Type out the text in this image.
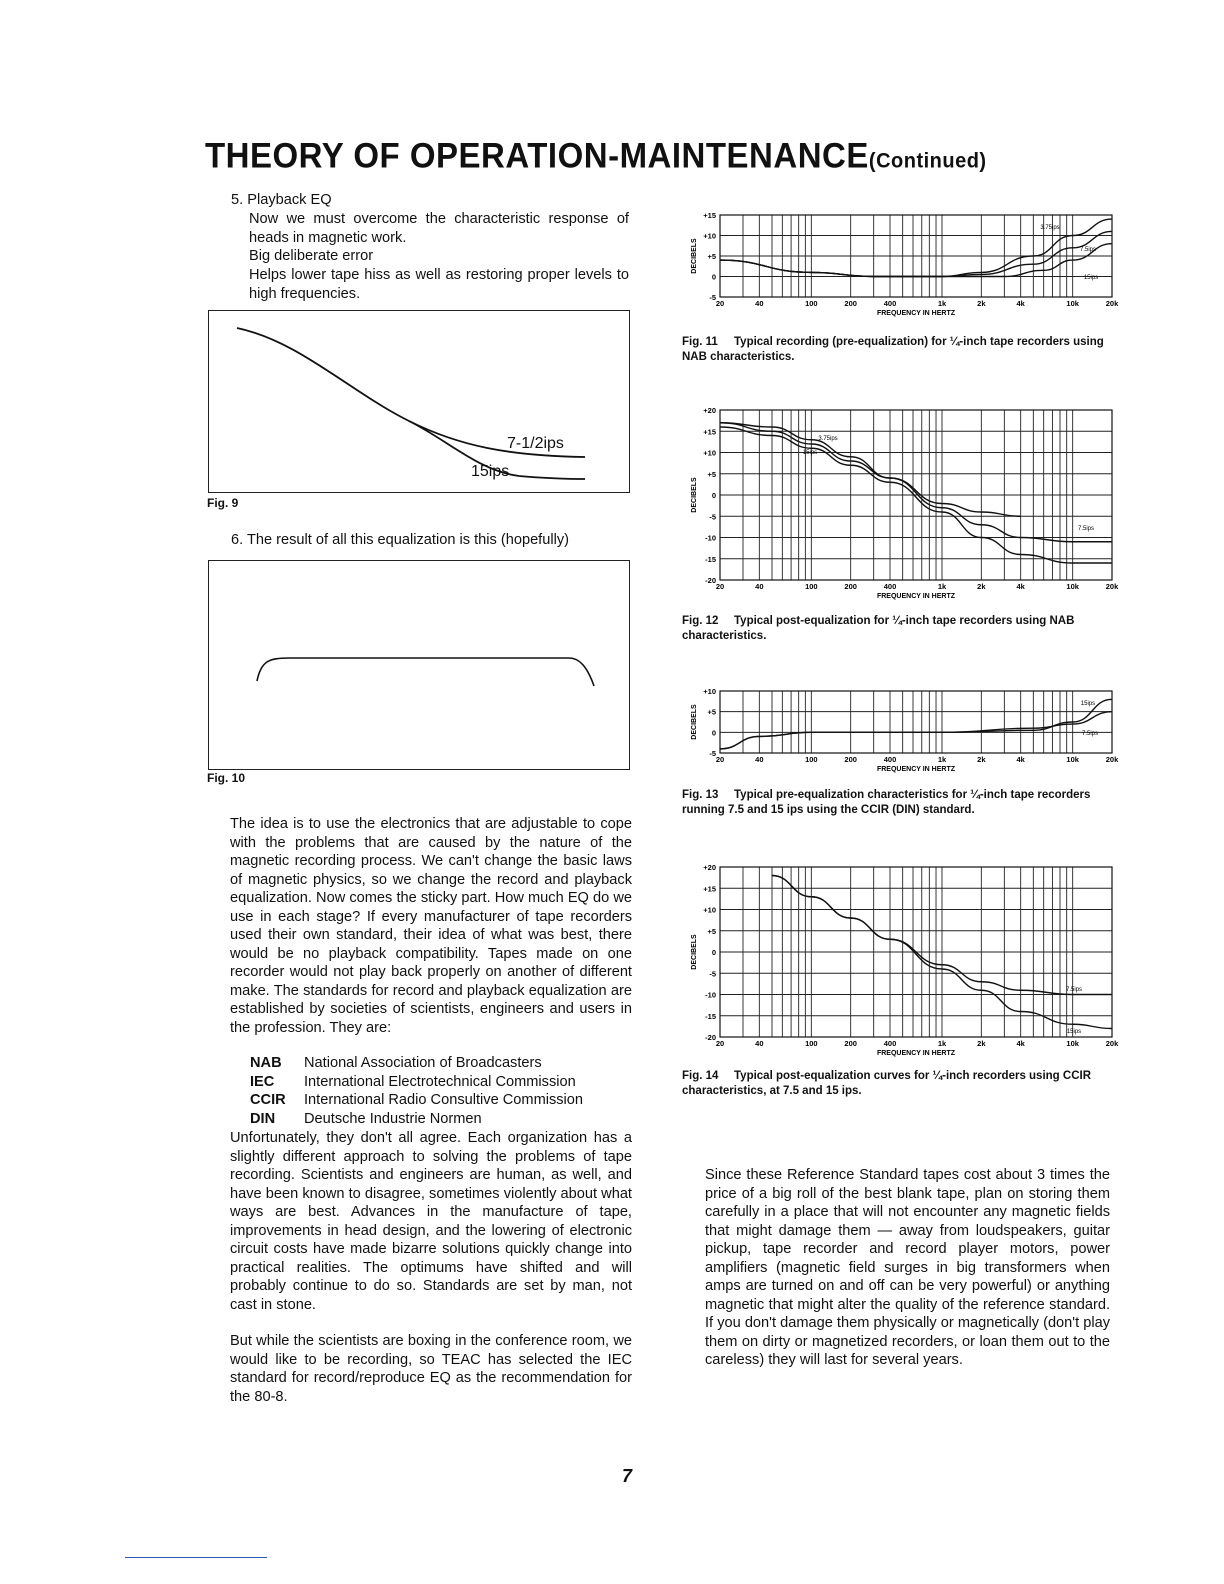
THEORY OF OPERATION-MAINTENANCE(Continued)
5. Playback EQ
Now we must overcome the characteristic response of heads in magnetic work.
Big deliberate error
Helps lower tape hiss as well as restoring proper levels to high frequencies.
7-1/2ips
15ips
Fig. 9
6. The result of all this equalization is this (hopefully)
Fig. 10
The idea is to use the electronics that are adjustable to cope with the problems that are caused by the nature of the magnetic recording process. We can't change the basic laws of magnetic physics, so we change the record and playback equalization. Now comes the sticky part. How much EQ do we use in each stage? If every manufacturer of tape recorders used their own standard, their idea of what was best, there would be no playback compatibility. Tapes made on one recorder would not play back properly on another of different make. The standards for record and playback equalization are established by societies of scientists, engineers and users in the profession. They are:
NAB	National Association of Broadcasters
IEC	International Electrotechnical Commission
CCIR	International Radio Consultive Commission
DIN	Deutsche Industrie Normen
Unfortunately, they don't all agree. Each organization has a slightly different approach to solving the problems of tape recording. Scientists and engineers are human, as well, and have been known to disagree, sometimes violently about what ways are best. Advances in the manufacture of tape, improvements in head design, and the lowering of electronic circuit costs have made bizarre solutions quickly change into practical realities. The optimums have shifted and will probably continue to do so. Standards are set by man, not cast in stone.
But while the scientists are boxing in the conference room, we would like to be recording, so TEAC has selected the IEC standard for record/reproduce EQ as the recommendation for the 80-8.
+15
+10
+5
0
-5
20	40	100	200	400	1k	2k	4k	10k	20k
FREQUENCY IN HERTZ
DECIBELS
3.75ips
7.5ips
15ips
Fig. 11 Typical recording (pre-equalization) for ¼-inch tape recorders using NAB characteristics.
+20
+15
+10
+5
0
-5
-10
-15
-20
20	40	100	200	400	1k	2k	4k	10k	20k
FREQUENCY IN HERTZ
DECIBELS
3.75ips
15ips
7.5ips
Fig. 12 Typical post-equalization for ¼-inch tape recorders using NAB characteristics.
+10
+5
0
-5
20	40	100	200	400	1k	2k	4k	10k	20k
FREQUENCY IN HERTZ
DECIBELS
15ips
7.5ips
Fig. 13 Typical pre-equalization characteristics for ¼-inch tape recorders running 7.5 and 15 ips using the CCIR (DIN) standard.
+20
+15
+10
+5
0
-5
-10
-15
-20
20	40	100	200	400	1k	2k	4k	10k	20k
FREQUENCY IN HERTZ
DECIBELS
7.5ips
15ips
Fig. 14 Typical post-equalization curves for ¼-inch recorders using CCIR characteristics, at 7.5 and 15 ips.
Since these Reference Standard tapes cost about 3 times the price of a big roll of the best blank tape, plan on storing them carefully in a place that will not encounter any magnetic fields that might damage them — away from loudspeakers, guitar pickup, tape recorder and record player motors, power amplifiers (magnetic field surges in big transformers when amps are turned on and off can be very powerful) or anything magnetic that might alter the quality of the reference standard. If you don't damage them physically or magnetically (don't play them on dirty or magnetized recorders, or loan them out to the careless) they will last for several years.
7
